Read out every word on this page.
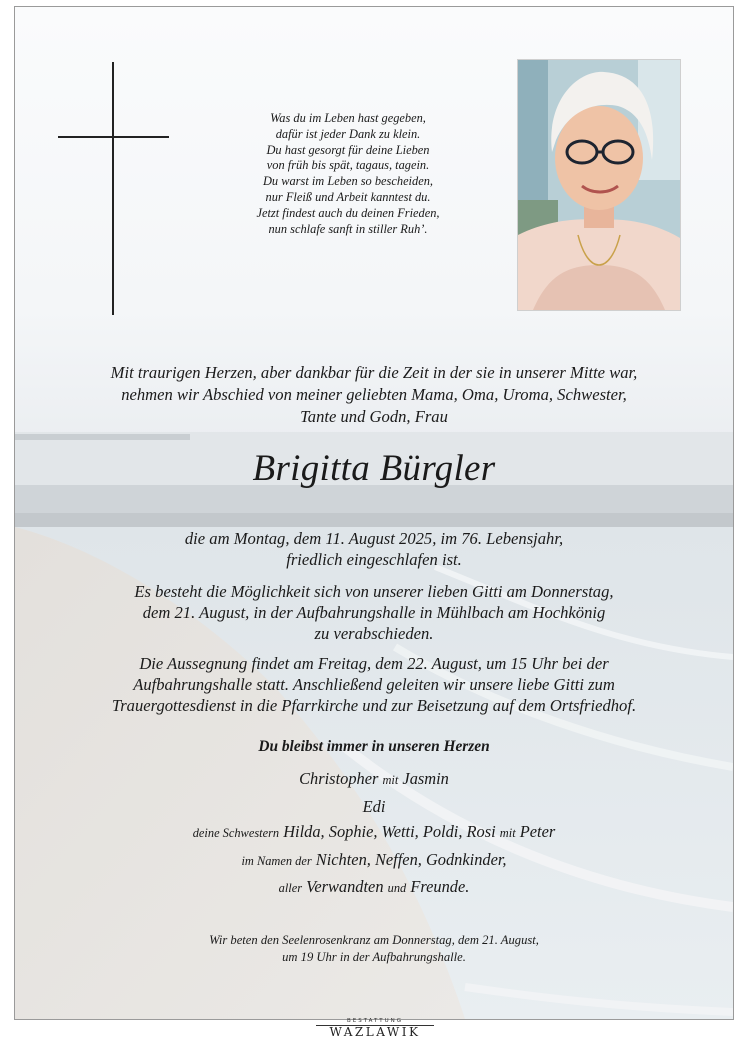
Was du im Leben hast gegeben,
dafür ist jeder Dank zu klein.
Du hast gesorgt für deine Lieben
von früh bis spät, tagaus, tagein.
Du warst im Leben so bescheiden,
nur Fleiß und Arbeit kanntest du.
Jetzt findest auch du deinen Frieden,
nun schlafe sanft in stiller Ruh’.
Mit traurigen Herzen, aber dankbar für die Zeit in der sie in unserer Mitte war,
nehmen wir Abschied von meiner geliebten Mama, Oma, Uroma, Schwester,
Tante und Godn, Frau
Brigitta Bürgler
die am Montag, dem 11. August 2025, im 76. Lebensjahr,
friedlich eingeschlafen ist.
Es besteht die Möglichkeit sich von unserer lieben Gitti am Donnerstag,
dem 21. August, in der Aufbahrungshalle in Mühlbach am Hochkönig
zu verabschieden.
Die Aussegnung findet am Freitag, dem 22. August, um 15 Uhr bei der
Aufbahrungshalle statt. Anschließend geleiten wir unsere liebe Gitti zum
Trauergottesdienst in die Pfarrkirche und zur Beisetzung auf dem Ortsfriedhof.
Du bleibst immer in unseren Herzen
Christopher mit Jasmin
Edi
deine Schwestern Hilda, Sophie, Wetti, Poldi, Rosi mit Peter
im Namen der Nichten, Neffen, Godnkinder,
aller Verwandten und Freunde.
Wir beten den Seelenrosenkranz am Donnerstag, dem 21. August,
um 19 Uhr in der Aufbahrungshalle.
BESTATTUNG
WAZLAWIK
